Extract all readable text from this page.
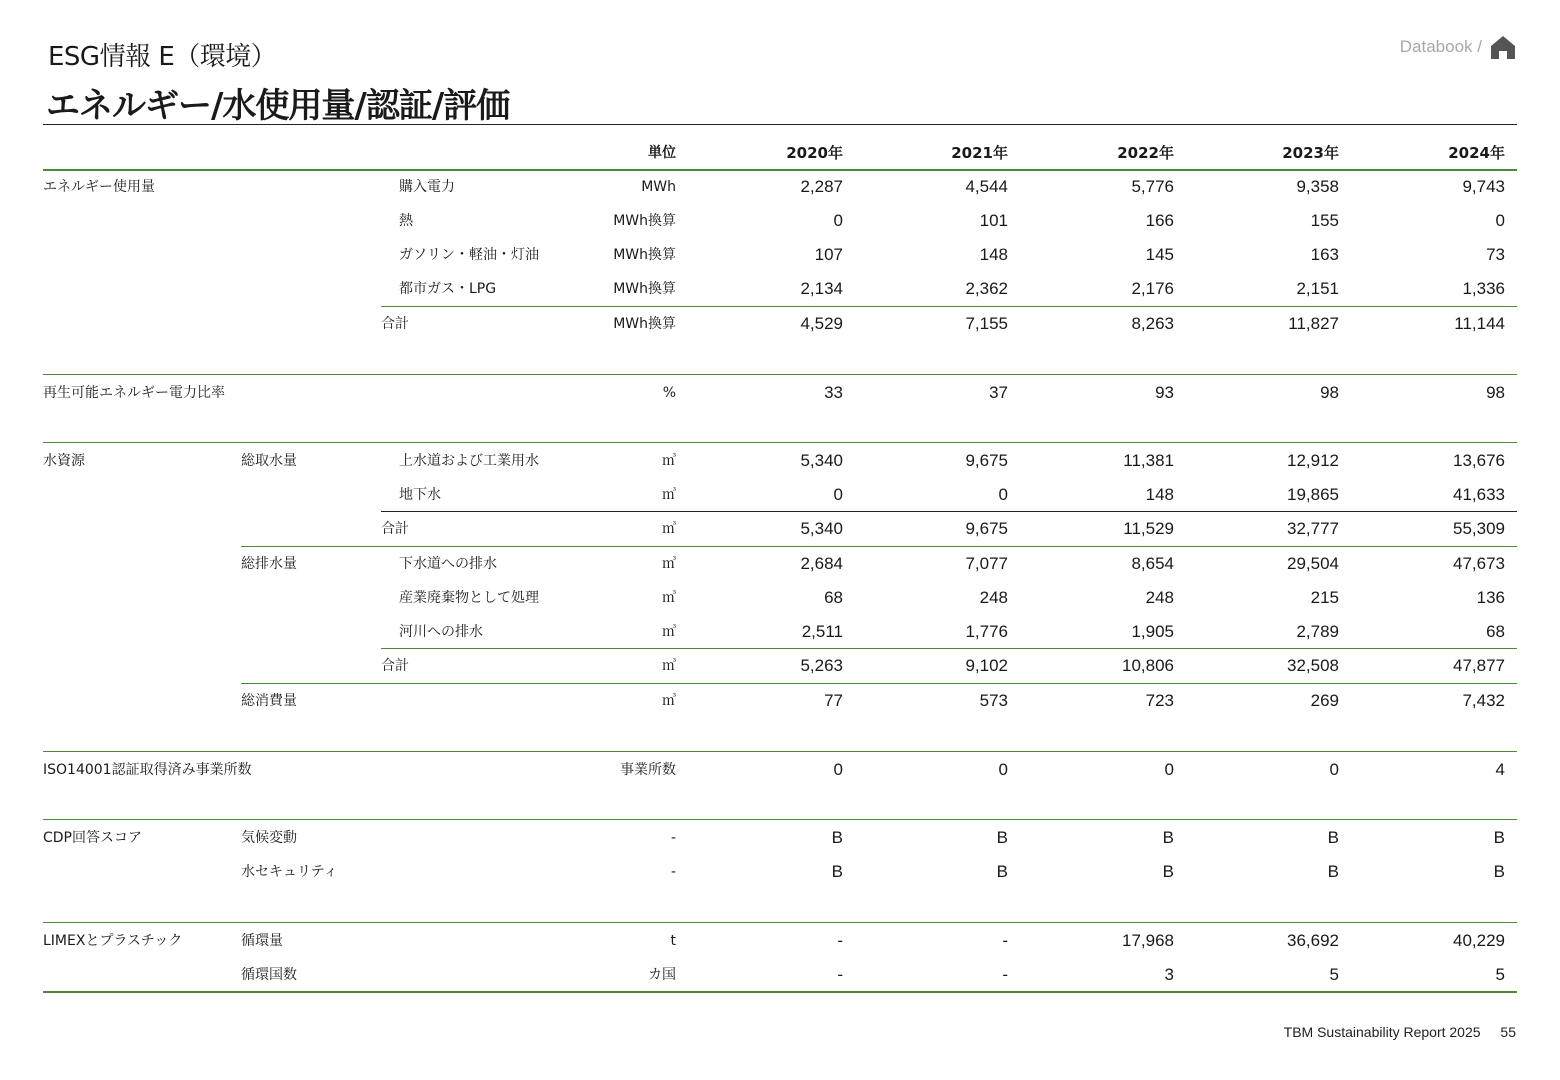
ESG情報 E（環境）
エネルギー/水使用量/認証/評価
Databook /
単位	2020年	2021年	2022年	2023年	2024年
エネルギー使用量	購入電力	MWh	2,287	4,544	5,776	9,358	9,743
熱	MWh換算	0	101	166	155	0
ガソリン・軽油・灯油	MWh換算	107	148	145	163	73
都市ガス・LPG	MWh換算	2,134	2,362	2,176	2,151	1,336
合計	MWh換算	4,529	7,155	8,263	11,827	11,144
再生可能エネルギー電力比率	%	33	37	93	98	98
水資源	総取水量	上水道および工業用水	㎥	5,340	9,675	11,381	12,912	13,676
地下水	㎥	0	0	148	19,865	41,633
合計	㎥	5,340	9,675	11,529	32,777	55,309
総排水量	下水道への排水	㎥	2,684	7,077	8,654	29,504	47,673
産業廃棄物として処理	㎥	68	248	248	215	136
河川への排水	㎥	2,511	1,776	1,905	2,789	68
合計	㎥	5,263	9,102	10,806	32,508	47,877
総消費量	㎥	77	573	723	269	7,432
ISO14001認証取得済み事業所数	事業所数	0	0	0	0	4
CDP回答スコア	気候変動	-	B	B	B	B	B
水セキュリティ	-	B	B	B	B	B
LIMEXとプラスチック	循環量	t	-	-	17,968	36,692	40,229
循環国数	カ国	-	-	3	5	5
TBM Sustainability Report 2025 55
